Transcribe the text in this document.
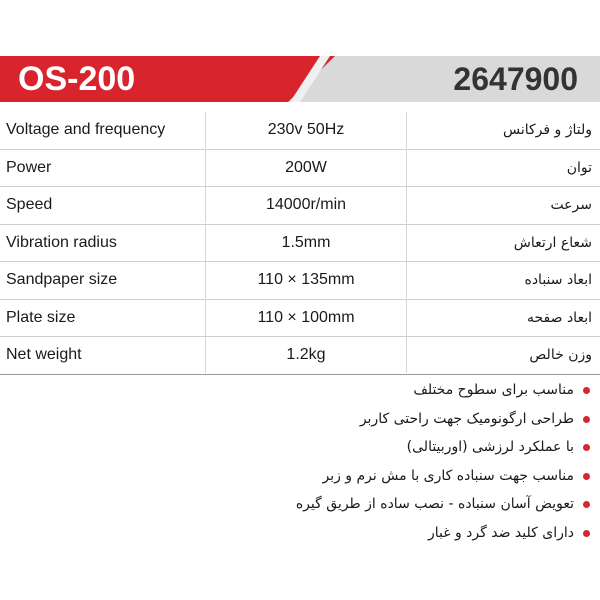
OS-200	2647900
Voltage and frequency	230v 50Hz	ولتاژ و فرکانس
Power	200W	توان
Speed	14000r/min	سرعت
Vibration radius	1.5mm	شعاع ارتعاش
Sandpaper size	110 × 135mm	ابعاد سنباده
Plate size	110 × 100mm	ابعاد صفحه
Net weight	1.2kg	وزن خالص
مناسب برای سطوح مختلف
طراحی ارگونومیک جهت راحتی کاربر
با عملکرد لرزشی (اوربیتالی)
مناسب جهت سنباده کاری با مش نرم و زبر
تعویض آسان سنباده - نصب ساده از طریق گیره
دارای کلید ضد گرد و غبار
